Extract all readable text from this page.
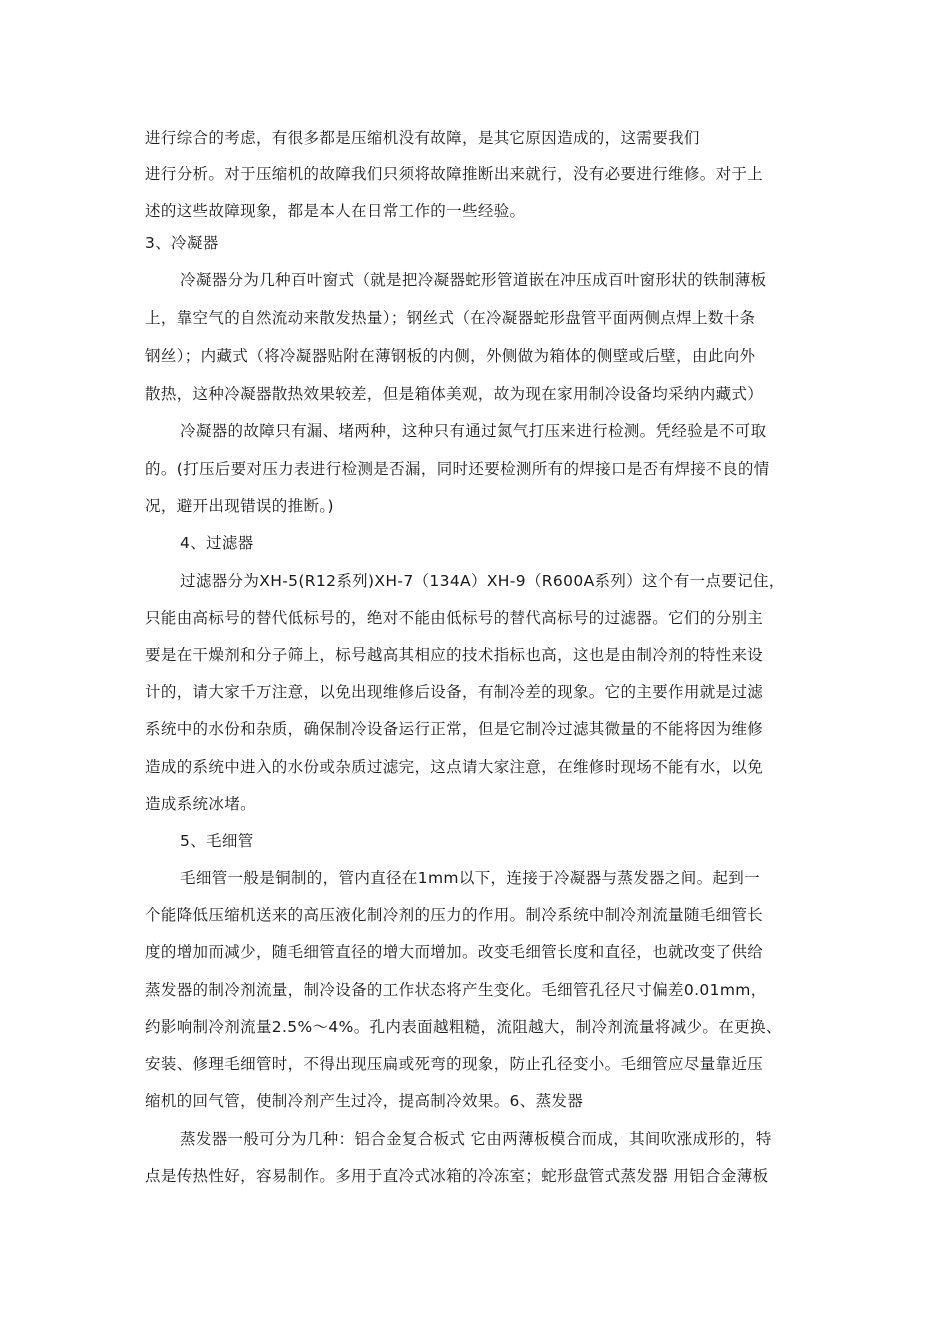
进行综合的考虑，有很多都是压缩机没有故障，是其它原因造成的，这需要我们
进行分析。对于压缩机的故障我们只须将故障推断出来就行，没有必要进行维修。对于上
述的这些故障现象，都是本人在日常工作的一些经验。
3、冷凝器
冷凝器分为几种百叶窗式（就是把冷凝器蛇形管道嵌在冲压成百叶窗形状的铁制薄板
上，靠空气的自然流动来散发热量）；钢丝式（在冷凝器蛇形盘管平面两侧点焊上数十条
钢丝）；内藏式（将冷凝器贴附在薄钢板的内侧，外侧做为箱体的侧壁或后壁，由此向外
散热，这种冷凝器散热效果较差，但是箱体美观，故为现在家用制冷设备均采纳内藏式）
冷凝器的故障只有漏、堵两种，这种只有通过氮气打压来进行检测。凭经验是不可取
的。(打压后要对压力表进行检测是否漏，同时还要检测所有的焊接口是否有焊接不良的情
况，避开出现错误的推断。)
4、过滤器
过滤器分为XH-5(R12系列)XH-7（134A）XH-9（R600A系列）这个有一点要记住，
只能由高标号的替代低标号的，绝对不能由低标号的替代高标号的过滤器。它们的分别主
要是在干燥剂和分子筛上，标号越高其相应的技术指标也高，这也是由制冷剂的特性来设
计的，请大家千万注意，以免出现维修后设备，有制冷差的现象。它的主要作用就是过滤
系统中的水份和杂质，确保制冷设备运行正常，但是它制冷过滤其微量的不能将因为维修
造成的系统中进入的水份或杂质过滤完，这点请大家注意，在维修时现场不能有水，以免
造成系统冰堵。
5、毛细管
毛细管一般是铜制的，管内直径在1mm以下，连接于冷凝器与蒸发器之间。起到一
个能降低压缩机送来的高压液化制冷剂的压力的作用。制冷系统中制冷剂流量随毛细管长
度的增加而减少，随毛细管直径的增大而增加。改变毛细管长度和直径，也就改变了供给
蒸发器的制冷剂流量，制冷设备的工作状态将产生变化。毛细管孔径尺寸偏差0.01mm，
约影响制冷剂流量2.5%～4%。孔内表面越粗糙，流阻越大，制冷剂流量将减少。在更换、
安装、修理毛细管时，不得出现压扁或死弯的现象，防止孔径变小。毛细管应尽量靠近压
缩机的回气管，使制冷剂产生过冷，提高制冷效果。6、蒸发器
蒸发器一般可分为几种：铝合金复合板式 它由两薄板模合而成，其间吹涨成形的，特
点是传热性好，容易制作。多用于直冷式冰箱的冷冻室；蛇形盘管式蒸发器 用铝合金薄板
